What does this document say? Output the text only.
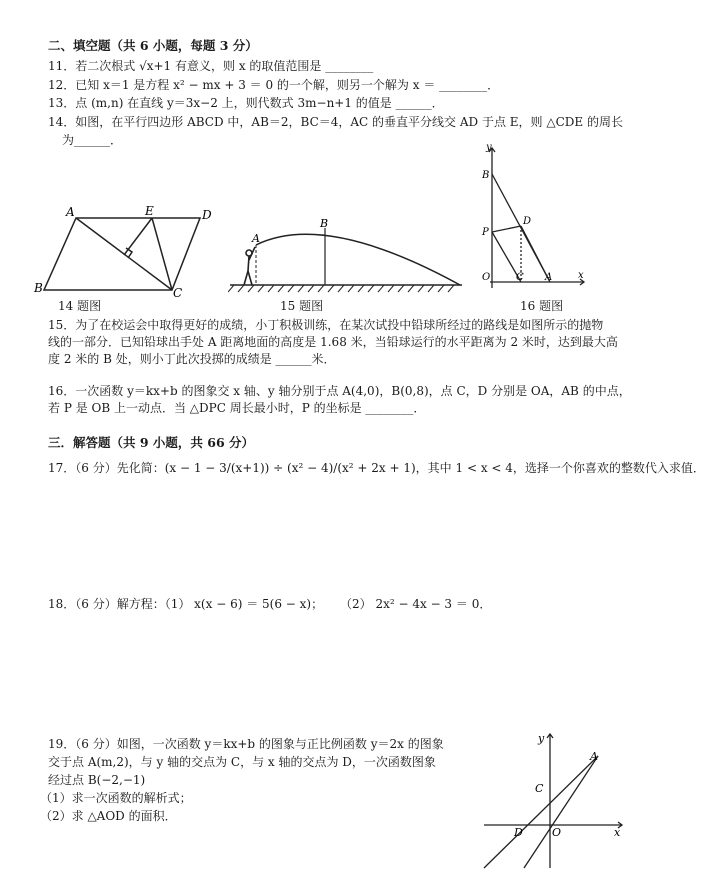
二、填空题（共 6 小题，每题 3 分）
11．若二次根式 √x+1 有意义，则 x 的取值范围是 ________
12．已知 x＝1 是方程 x² − mx + 3 ＝ 0 的一个解，则另一个解为 x ＝ ________．
13．点 (m,n) 在直线 y＝3x−2 上，则代数式 3m−n+1 的值是 ______．
14．如图，在平行四边形 ABCD 中，AB＝2，BC＝4，AC 的垂直平分线交 AD 于点 E，则 △CDE 的周长
为______．
A	E	D
B	C
14 题图
A
B
15 题图
y
B
D
P
O	C A	x
16 题图
15．为了在校运会中取得更好的成绩，小丁积极训练，在某次试投中铅球所经过的路线是如图所示的抛物
线的一部分．已知铅球出手处 A 距离地面的高度是 1.68 米，当铅球运行的水平距离为 2 米时，达到最大高
度 2 米的 B 处，则小丁此次投掷的成绩是 ______米．
16．一次函数 y＝kx+b 的图象交 x 轴、y 轴分别于点 A(4,0)，B(0,8)，点 C，D 分别是 OA，AB 的中点，
若 P 是 OB 上一动点．当 △DPC 周长最小时，P 的坐标是 ________．
三．解答题（共 9 小题，共 66 分）
17．（6 分）先化简：(x − 1 − 3/(x+1)) ÷ (x² − 4)/(x² + 2x + 1)，其中 1 < x < 4，选择一个你喜欢的整数代入求值．
18．（6 分）解方程：（1） x(x − 6) ＝ 5(6 − x)； （2） 2x² − 4x − 3 ＝ 0．
19．（6 分）如图，一次函数 y＝kx+b 的图象与正比例函数 y＝2x 的图象
交于点 A(m,2)，与 y 轴的交点为 C，与 x 轴的交点为 D，一次函数图象
经过点 B(−2,−1)
（1）求一次函数的解析式；
（2）求 △AOD 的面积．
y
A
C
D	O	x
